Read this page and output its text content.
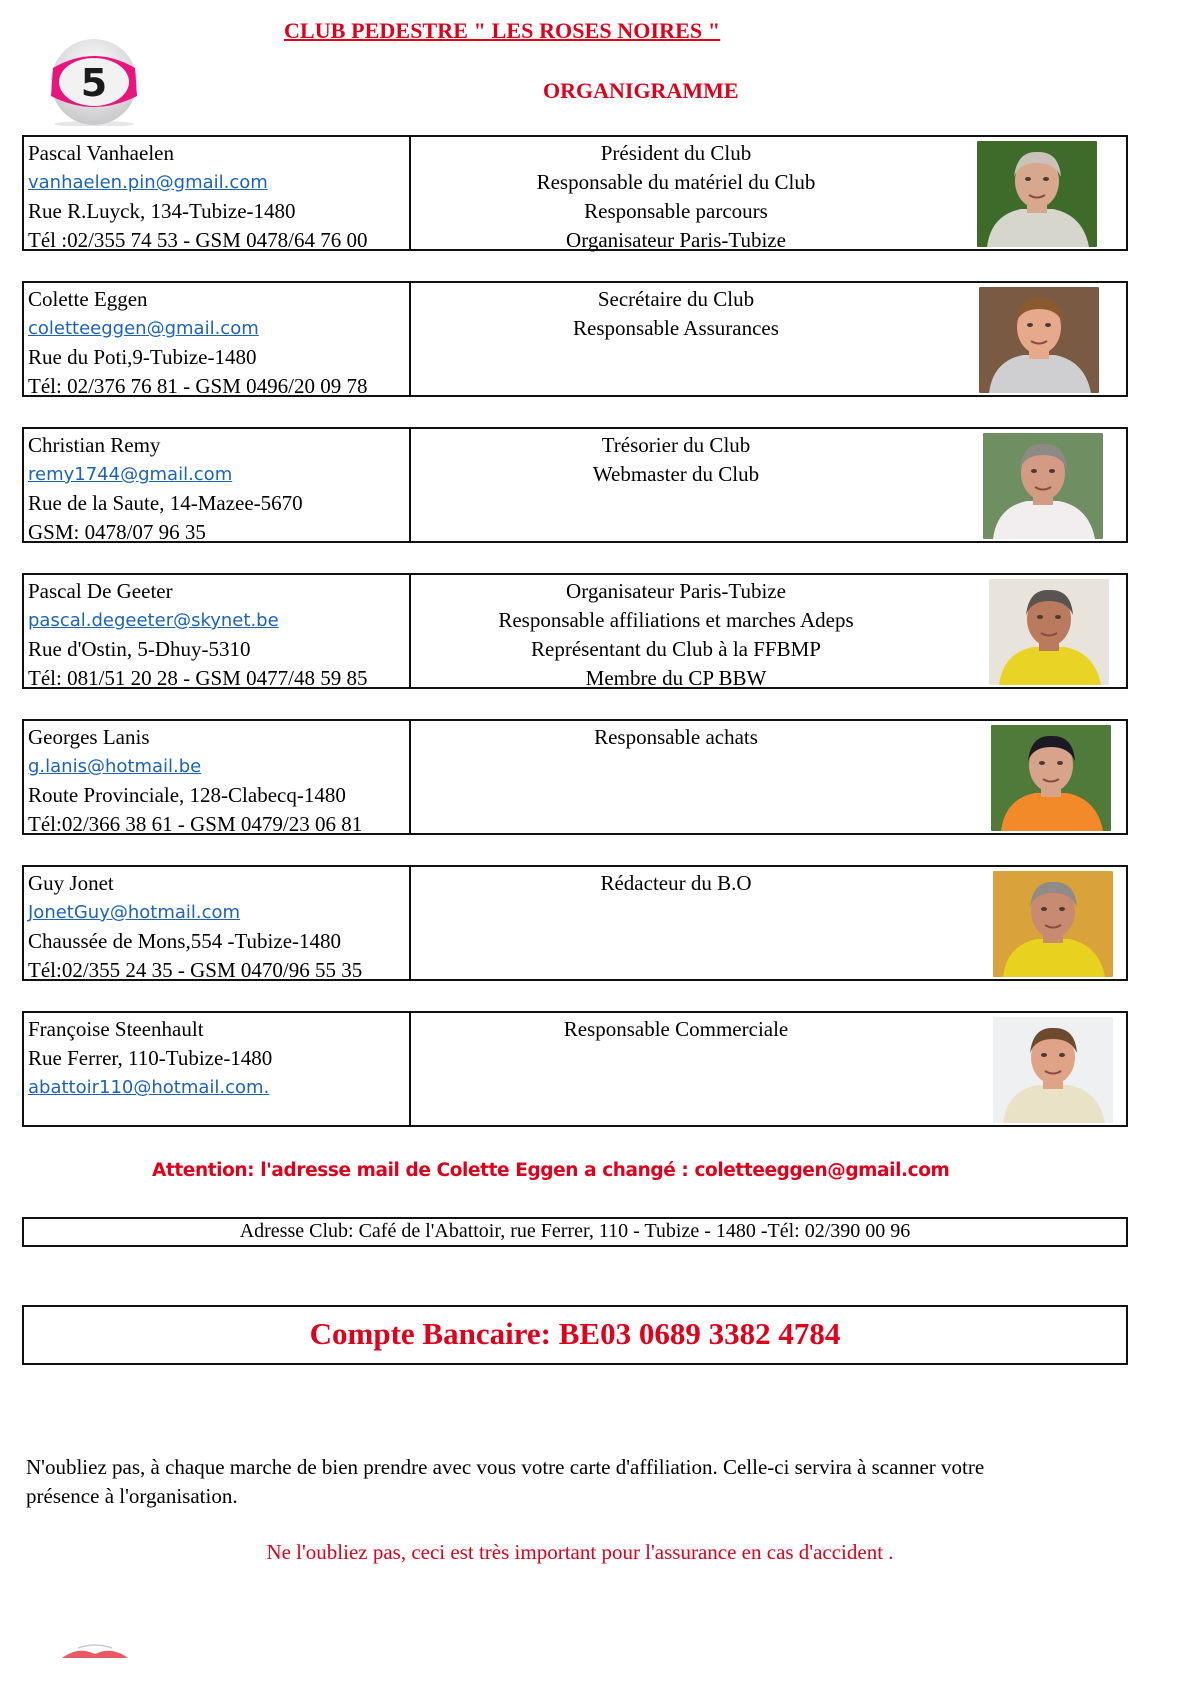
5
CLUB PEDESTRE " LES ROSES NOIRES "
ORGANIGRAMME
Pascal Vanhaelen
vanhaelen.pin@gmail.com
Rue R.Luyck, 134-Tubize-1480
Tél :02/355 74 53 - GSM 0478/64 76 00
Président du Club
Responsable du matériel du Club
Responsable parcours
Organisateur Paris-Tubize
Colette Eggen
coletteeggen@gmail.com
Rue du Poti,9-Tubize-1480
Tél: 02/376 76 81 - GSM 0496/20 09 78
Secrétaire du Club
Responsable Assurances
Christian Remy
remy1744@gmail.com
Rue de la Saute, 14-Mazee-5670
GSM: 0478/07 96 35
Trésorier du Club
Webmaster du Club
Pascal De Geeter
pascal.degeeter@skynet.be
Rue d'Ostin, 5-Dhuy-5310
Tél: 081/51 20 28 - GSM 0477/48 59 85
Organisateur Paris-Tubize
Responsable affiliations et marches Adeps
Représentant du Club à la FFBMP
Membre du CP BBW
Georges Lanis
g.lanis@hotmail.be
Route Provinciale, 128-Clabecq-1480
Tél:02/366 38 61 - GSM 0479/23 06 81
Responsable achats
Guy Jonet
JonetGuy@hotmail.com
Chaussée de Mons,554 -Tubize-1480
Tél:02/355 24 35 - GSM 0470/96 55 35
Rédacteur du B.O
Françoise Steenhault
Rue Ferrer, 110-Tubize-1480
abattoir110@hotmail.com.
Responsable Commerciale
Attention: l'adresse mail de Colette Eggen a changé : coletteeggen@gmail.com
Adresse Club: Café de l'Abattoir, rue Ferrer, 110 - Tubize - 1480 -Tél: 02/390 00 96
Compte Bancaire: BE03 0689 3382 4784
N'oubliez pas, à chaque marche de bien prendre avec vous votre carte d'affiliation. Celle-ci servira à scanner votre présence à l'organisation.
Ne l'oubliez pas, ceci est très important pour l'assurance en cas d'accident .
